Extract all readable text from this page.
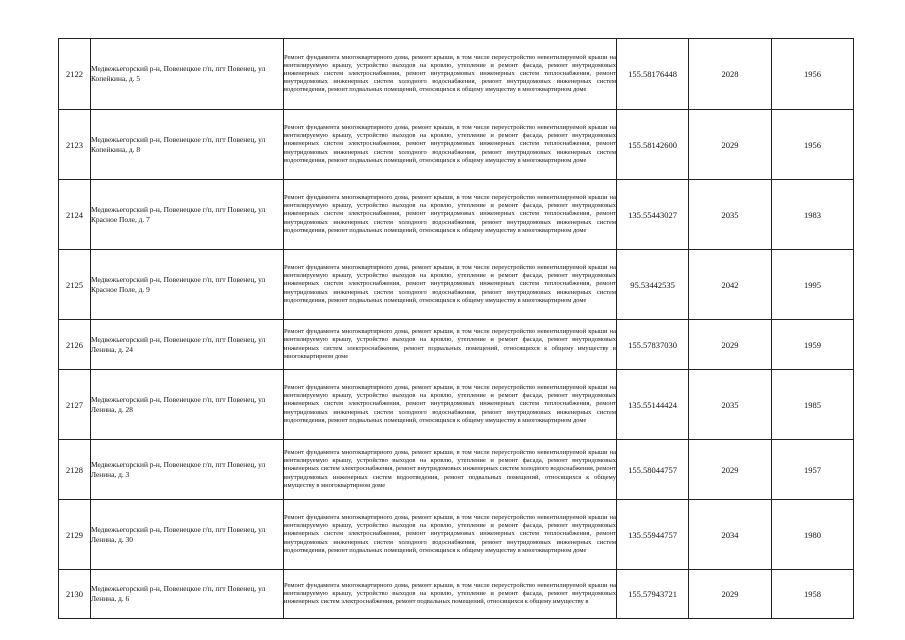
2122	Медвежьегорский р-н, Повенецкое г/п, пгт Повенец, ул Копейкина, д. 5	Ремонт фундамента многоквартирного дома, ремонт крыши, в том числе переустройство невентилируемой крыши на вентилируемую крышу, устройство выходов на кровлю, утепление и ремонт фасада, ремонт внутридомовых инженерных систем электроснабжения, ремонт внутридомовых инженерных систем теплоснабжения, ремонт внутридомовых инженерных систем холодного водоснабжения, ремонт внутридомовых инженерных систем водоотведения, ремонт подвальных помещений, относящихся к общему имуществу в многоквартирном доме	155.58176448	2028	1956
2123	Медвежьегорский р-н, Повенецкое г/п, пгт Повенец, ул Копейкина, д. 8	Ремонт фундамента многоквартирного дома, ремонт крыши, в том числе переустройство невентилируемой крыши на вентилируемую крышу, устройство выходов на кровлю, утепление и ремонт фасада, ремонт внутридомовых инженерных систем электроснабжения, ремонт внутридомовых инженерных систем теплоснабжения, ремонт внутридомовых инженерных систем холодного водоснабжения, ремонт внутридомовых инженерных систем водоотведения, ремонт подвальных помещений, относящихся к общему имуществу в многоквартирном доме	155.58142600	2029	1956
2124	Медвежьегорский р-н, Повенецкое г/п, пгт Повенец, ул Красное Поле, д. 7	Ремонт фундамента многоквартирного дома, ремонт крыши, в том числе переустройство невентилируемой крыши на вентилируемую крышу, устройство выходов на кровлю, утепление и ремонт фасада, ремонт внутридомовых инженерных систем электроснабжения, ремонт внутридомовых инженерных систем теплоснабжения, ремонт внутридомовых инженерных систем холодного водоснабжения, ремонт внутридомовых инженерных систем водоотведения, ремонт подвальных помещений, относящихся к общему имуществу в многоквартирном доме	135.55443027	2035	1983
2125	Медвежьегорский р-н, Повенецкое г/п, пгт Повенец, ул Красное Поле, д. 9	Ремонт фундамента многоквартирного дома, ремонт крыши, в том числе переустройство невентилируемой крыши на вентилируемую крышу, устройство выходов на кровлю, утепление и ремонт фасада, ремонт внутридомовых инженерных систем электроснабжения, ремонт внутридомовых инженерных систем теплоснабжения, ремонт внутридомовых инженерных систем холодного водоснабжения, ремонт внутридомовых инженерных систем водоотведения, ремонт подвальных помещений, относящихся к общему имуществу в многоквартирном доме	95.53442535	2042	1995
2126	Медвежьегорский р-н, Повенецкое г/п, пгт Повенец, ул Ленина, д. 24	Ремонт фундамента многоквартирного дома, ремонт крыши, в том числе переустройство невентилируемой крыши на вентилируемую крышу, устройство выходов на кровлю, утепление и ремонт фасада, ремонт внутридомовых инженерных систем электроснабжения, ремонт подвальных помещений, относящихся к общему имуществу в многоквартирном доме	155.57837030	2029	1959
2127	Медвежьегорский р-н, Повенецкое г/п, пгт Повенец, ул Ленина, д. 28	Ремонт фундамента многоквартирного дома, ремонт крыши, в том числе переустройство невентилируемой крыши на вентилируемую крышу, устройство выходов на кровлю, утепление и ремонт фасада, ремонт внутридомовых инженерных систем электроснабжения, ремонт внутридомовых инженерных систем теплоснабжения, ремонт внутридомовых инженерных систем холодного водоснабжения, ремонт внутридомовых инженерных систем водоотведения, ремонт подвальных помещений, относящихся к общему имуществу в многоквартирном доме	135.55144424	2035	1985
2128	Медвежьегорский р-н, Повенецкое г/п, пгт Повенец, ул Ленина, д. 3	Ремонт фундамента многоквартирного дома, ремонт крыши, в том числе переустройство невентилируемой крыши на вентилируемую крышу, устройство выходов на кровлю, утепление и ремонт фасада, ремонт внутридомовых инженерных систем электроснабжения, ремонт внутридомовых инженерных систем холодного водоснабжения, ремонт внутридомовых инженерных систем водоотведения, ремонт подвальных помещений, относящихся к общему имуществу в многоквартирном доме	155.58044757	2029	1957
2129	Медвежьегорский р-н, Повенецкое г/п, пгт Повенец, ул Ленина, д. 30	Ремонт фундамента многоквартирного дома, ремонт крыши, в том числе переустройство невентилируемой крыши на вентилируемую крышу, устройство выходов на кровлю, утепление и ремонт фасада, ремонт внутридомовых инженерных систем электроснабжения, ремонт внутридомовых инженерных систем теплоснабжения, ремонт внутридомовых инженерных систем холодного водоснабжения, ремонт внутридомовых инженерных систем водоотведения, ремонт подвальных помещений, относящихся к общему имуществу в многоквартирном доме	135.55944757	2034	1980
2130	Медвежьегорский р-н, Повенецкое г/п, пгт Повенец, ул Ленина, д. 6	Ремонт фундамента многоквартирного дома, ремонт крыши, в том числе переустройство невентилируемой крыши на вентилируемую крышу, устройство выходов на кровлю, утепление и ремонт фасада, ремонт внутридомовых инженерных систем электроснабжения, ремонт подвальных помещений, относящихся к общему имуществу в	155.57943721	2029	1958
